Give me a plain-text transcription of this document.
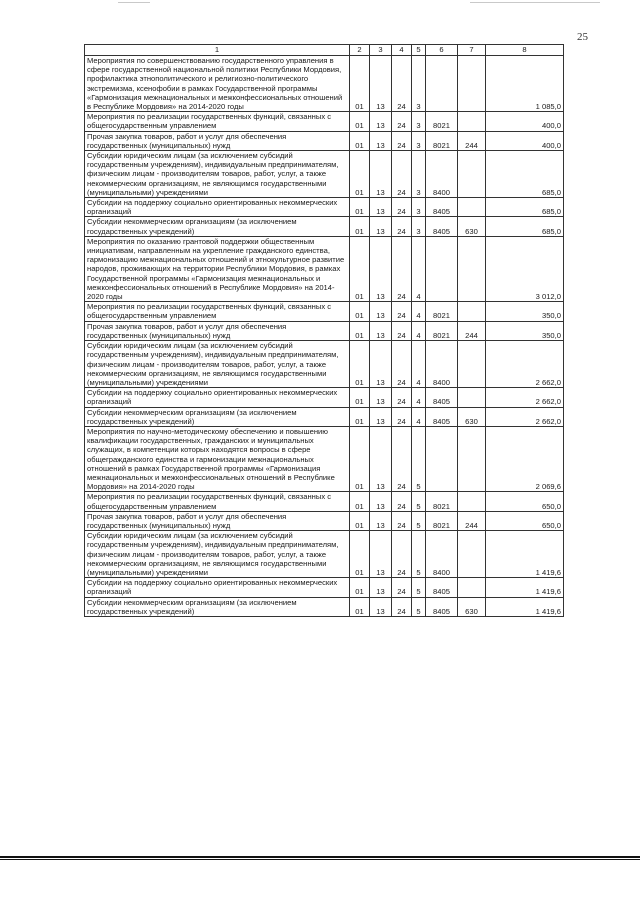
25
1	2	3	4	5	6	7	8
Мероприятия по совершенствованию государственного управления в сфере государственной национальной политики Республики Мордовия, профилактика этнополитического и религиозно-политического экстремизма, ксенофобии в рамках Государственной программы «Гармонизация межнациональных и межконфессиональных отношений в Республике Мордовия» на 2014-2020 годы	01	13	24	3			1 085,0
Мероприятия по реализации государственных функций, связанных с общегосударственным управлением	01	13	24	3	8021		400,0
Прочая закупка товаров, работ и услуг для обеспечения государственных (муниципальных) нужд	01	13	24	3	8021	244	400,0
Субсидии юридическим лицам (за исключением субсидий государственным учреждениям), индивидуальным предпринимателям, физическим лицам - производителям товаров, работ, услуг, а также некоммерческим организациям, не являющимся государственными (муниципальными) учреждениями	01	13	24	3	8400		685,0
Субсидии на поддержку социально ориентированных некоммерческих организаций	01	13	24	3	8405		685,0
Субсидии некоммерческим организациям (за исключением государственных учреждений)	01	13	24	3	8405	630	685,0
Мероприятия по оказанию грантовой поддержки общественным инициативам, направленным на укрепление гражданского единства, гармонизацию межнациональных отношений и этнокультурное развитие народов, проживающих на территории Республики Мордовия, в рамках Государственной программы «Гармонизация межнациональных и межконфессиональных отношений в Республике Мордовия» на 2014-2020 годы	01	13	24	4			3 012,0
Мероприятия по реализации государственных функций, связанных с общегосударственным управлением	01	13	24	4	8021		350,0
Прочая закупка товаров, работ и услуг для обеспечения государственных (муниципальных) нужд	01	13	24	4	8021	244	350,0
Субсидии юридическим лицам (за исключением субсидий государственным учреждениям), индивидуальным предпринимателям, физическим лицам - производителям товаров, работ, услуг, а также некоммерческим организациям, не являющимся государственными (муниципальными) учреждениями	01	13	24	4	8400		2 662,0
Субсидии на поддержку социально ориентированных некоммерческих организаций	01	13	24	4	8405		2 662,0
Субсидии некоммерческим организациям (за исключением государственных учреждений)	01	13	24	4	8405	630	2 662,0
Мероприятия по научно-методическому обеспечению и повышению квалификации государственных, гражданских и муниципальных служащих, в компетенции которых находятся вопросы в сфере общегражданского единства и гармонизации межнациональных отношений в рамках Государственной программы «Гармонизация межнациональных и межконфессиональных отношений в Республике Мордовия» на 2014-2020 годы	01	13	24	5			2 069,6
Мероприятия по реализации государственных функций, связанных с общегосударственным управлением	01	13	24	5	8021		650,0
Прочая закупка товаров, работ и услуг для обеспечения государственных (муниципальных) нужд	01	13	24	5	8021	244	650,0
Субсидии юридическим лицам (за исключением субсидий государственным учреждениям), индивидуальным предпринимателям, физическим лицам - производителям товаров, работ, услуг, а также некоммерческим организациям, не являющимся государственными (муниципальными) учреждениями	01	13	24	5	8400		1 419,6
Субсидии на поддержку социально ориентированных некоммерческих организаций	01	13	24	5	8405		1 419,6
Субсидии некоммерческим организациям (за исключением государственных учреждений)	01	13	24	5	8405	630	1 419,6
